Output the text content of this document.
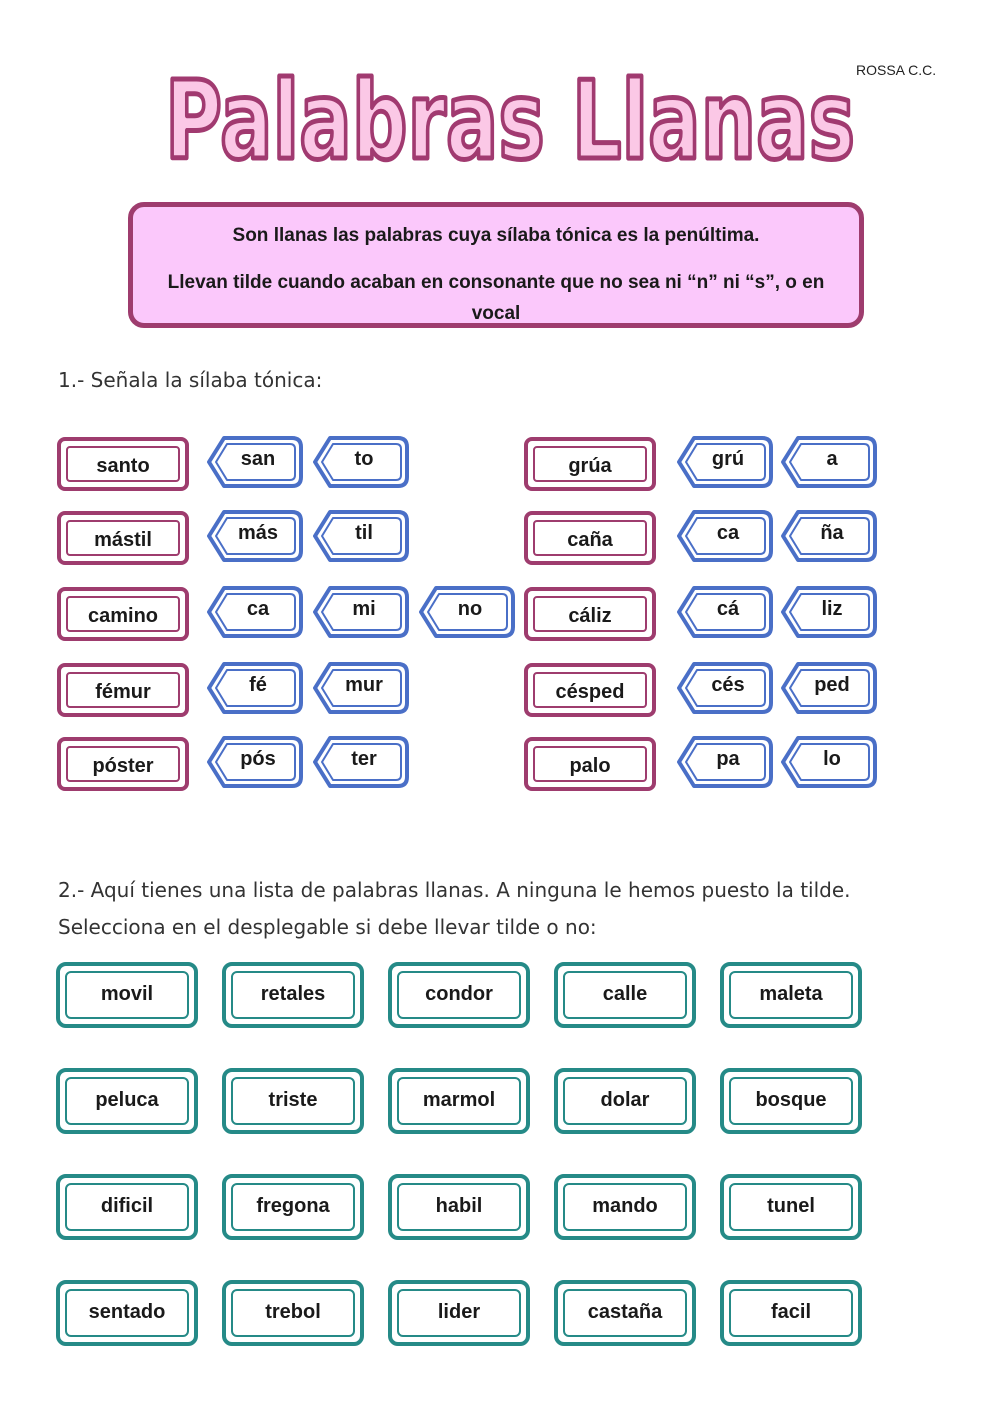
ROSSA C.C.
Palabras Llanas
Son llanas las palabras cuya sílaba tónica es la penúltima.
Llevan tilde cuando acaban en consonante que no sea ni “n” ni “s”, o en vocal
1.- Señala la sílaba tónica:
santo	san	to
mástil	más	til
camino	ca	mi	no
fémur	fé	mur
póster	pós	ter
grúa	grú	a
caña	ca	ña
cáliz	cá	liz
césped	cés	ped
palo	pa	lo
2.- Aquí tienes una lista de palabras llanas. A ninguna le hemos puesto la tilde. Selecciona en el desplegable si debe llevar tilde o no:
movil	retales	condor	calle	maleta
peluca	triste	marmol	dolar	bosque
dificil	fregona	habil	mando	tunel
sentado	trebol	lider	castaña	facil
